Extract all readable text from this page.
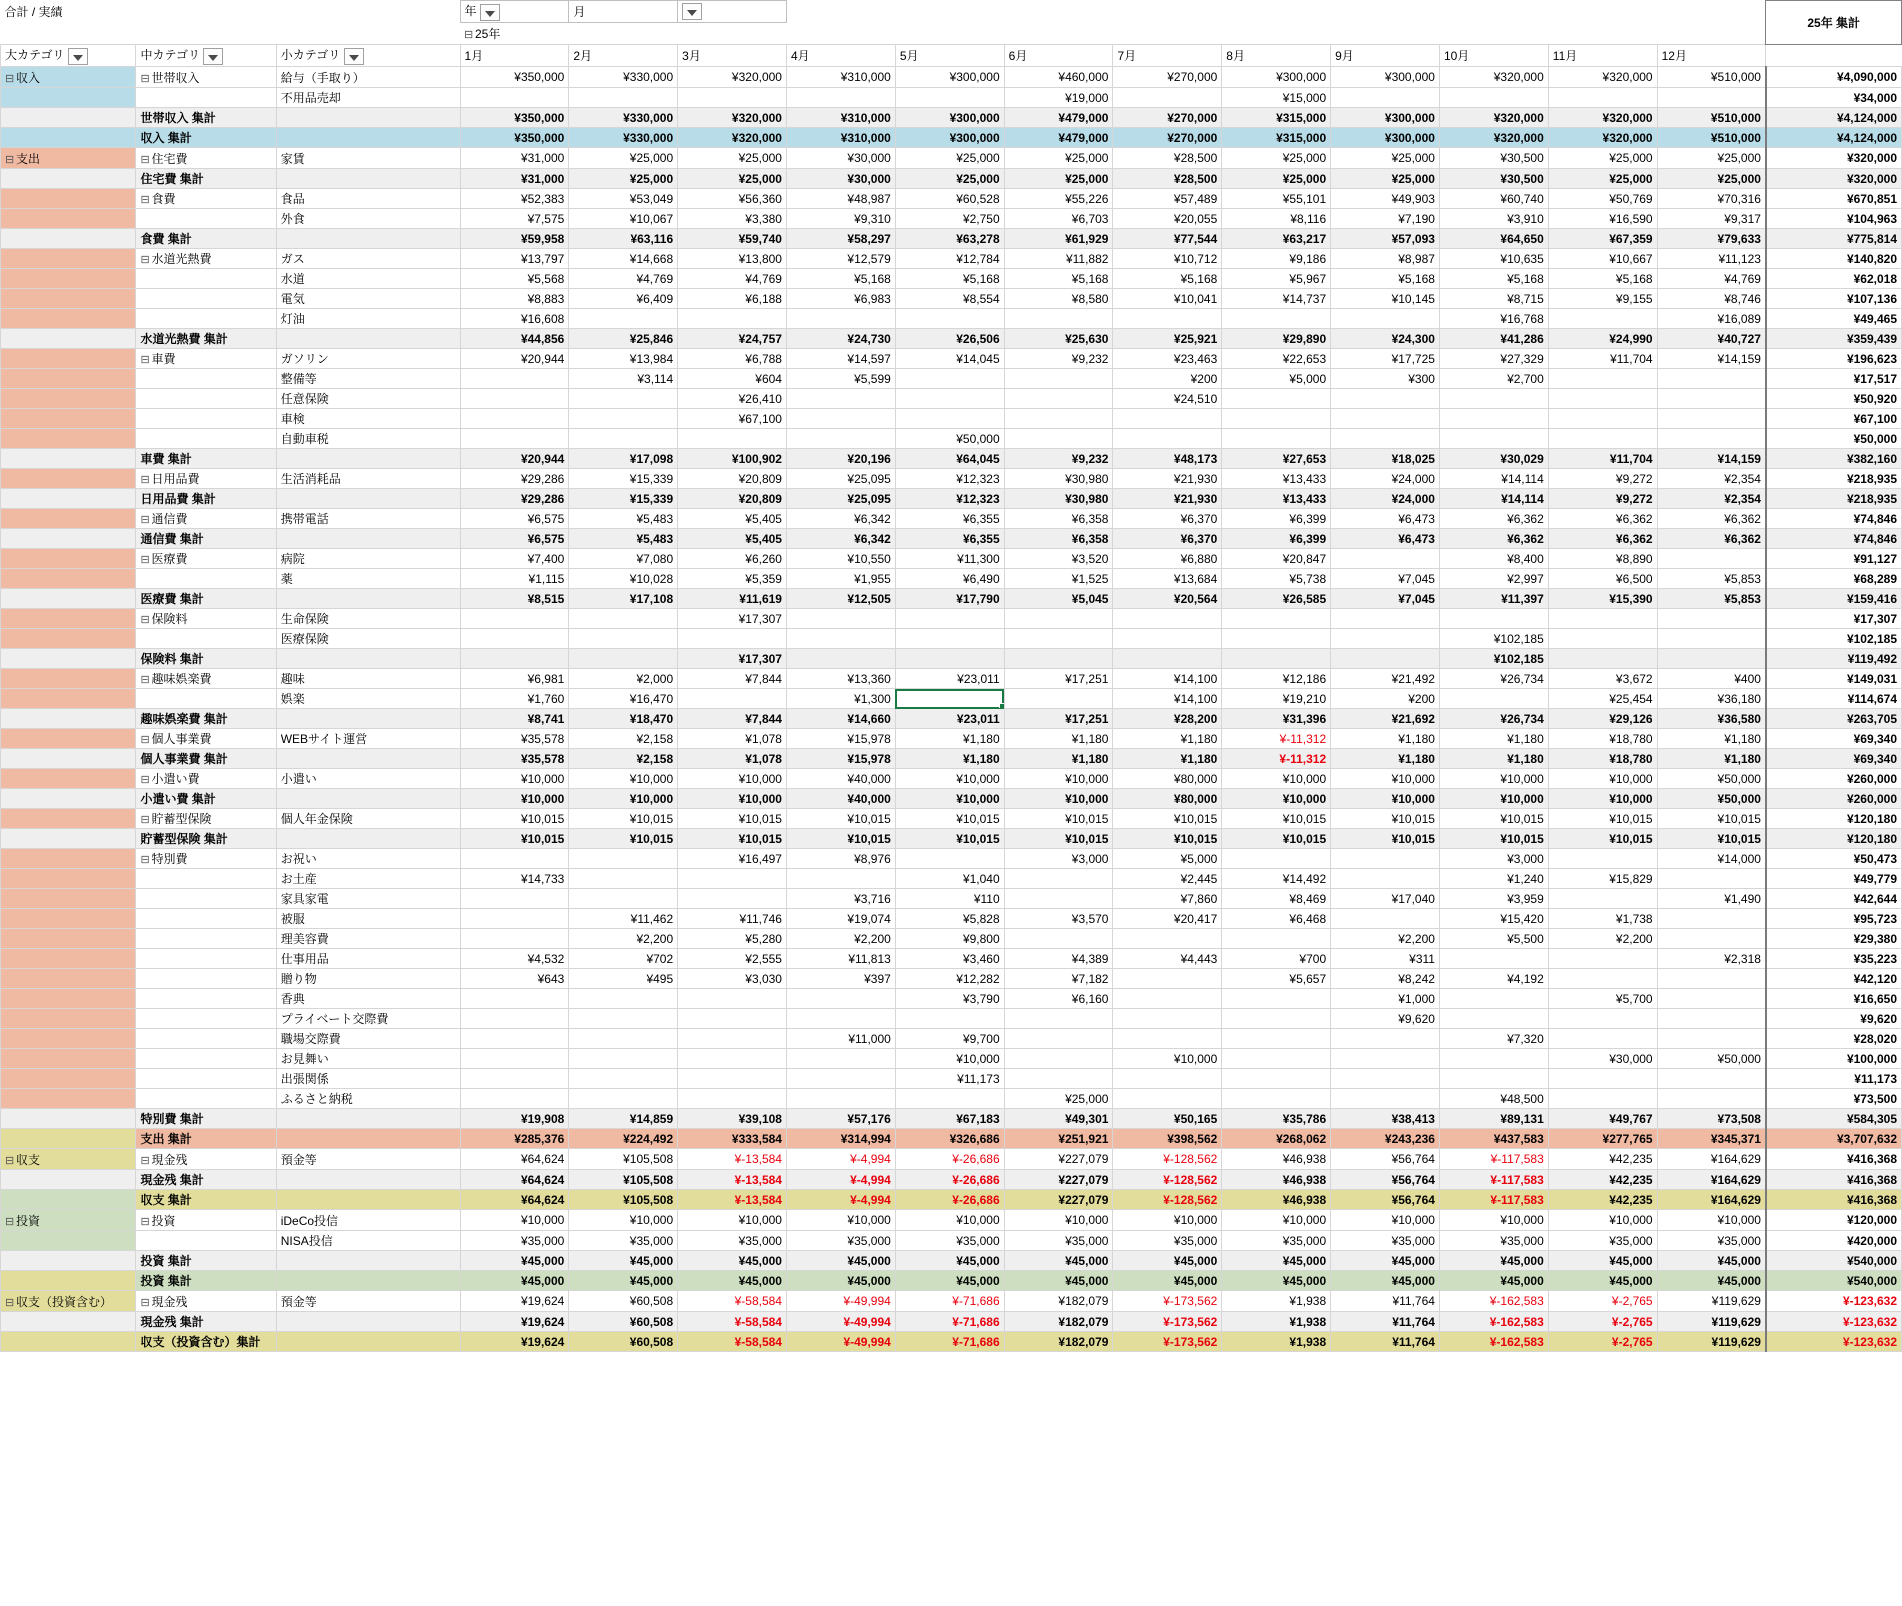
合計 / 実績			年	月											25年 集計
	⊟25年
大カテゴリ	中カテゴリ	小カテゴリ	1月	2月	3月	4月	5月	6月	7月	8月	9月	10月	11月	12月	
⊟収入	⊟世帯収入	給与（手取り）	¥350,000	¥330,000	¥320,000	¥310,000	¥300,000	¥460,000	¥270,000	¥300,000	¥300,000	¥320,000	¥320,000	¥510,000	¥4,090,000
		不用品売却						¥19,000		¥15,000					¥34,000
	世帯収入 集計		¥350,000	¥330,000	¥320,000	¥310,000	¥300,000	¥479,000	¥270,000	¥315,000	¥300,000	¥320,000	¥320,000	¥510,000	¥4,124,000
	収入 集計		¥350,000	¥330,000	¥320,000	¥310,000	¥300,000	¥479,000	¥270,000	¥315,000	¥300,000	¥320,000	¥320,000	¥510,000	¥4,124,000
⊟支出	⊟住宅費	家賃	¥31,000	¥25,000	¥25,000	¥30,000	¥25,000	¥25,000	¥28,500	¥25,000	¥25,000	¥30,500	¥25,000	¥25,000	¥320,000
	住宅費 集計		¥31,000	¥25,000	¥25,000	¥30,000	¥25,000	¥25,000	¥28,500	¥25,000	¥25,000	¥30,500	¥25,000	¥25,000	¥320,000
	⊟食費	食品	¥52,383	¥53,049	¥56,360	¥48,987	¥60,528	¥55,226	¥57,489	¥55,101	¥49,903	¥60,740	¥50,769	¥70,316	¥670,851
		外食	¥7,575	¥10,067	¥3,380	¥9,310	¥2,750	¥6,703	¥20,055	¥8,116	¥7,190	¥3,910	¥16,590	¥9,317	¥104,963
	食費 集計		¥59,958	¥63,116	¥59,740	¥58,297	¥63,278	¥61,929	¥77,544	¥63,217	¥57,093	¥64,650	¥67,359	¥79,633	¥775,814
	⊟水道光熱費	ガス	¥13,797	¥14,668	¥13,800	¥12,579	¥12,784	¥11,882	¥10,712	¥9,186	¥8,987	¥10,635	¥10,667	¥11,123	¥140,820
		水道	¥5,568	¥4,769	¥4,769	¥5,168	¥5,168	¥5,168	¥5,168	¥5,967	¥5,168	¥5,168	¥5,168	¥4,769	¥62,018
		電気	¥8,883	¥6,409	¥6,188	¥6,983	¥8,554	¥8,580	¥10,041	¥14,737	¥10,145	¥8,715	¥9,155	¥8,746	¥107,136
		灯油	¥16,608									¥16,768		¥16,089	¥49,465
	水道光熱費 集計		¥44,856	¥25,846	¥24,757	¥24,730	¥26,506	¥25,630	¥25,921	¥29,890	¥24,300	¥41,286	¥24,990	¥40,727	¥359,439
	⊟車費	ガソリン	¥20,944	¥13,984	¥6,788	¥14,597	¥14,045	¥9,232	¥23,463	¥22,653	¥17,725	¥27,329	¥11,704	¥14,159	¥196,623
		整備等		¥3,114	¥604	¥5,599			¥200	¥5,000	¥300	¥2,700			¥17,517
		任意保険			¥26,410				¥24,510						¥50,920
		車検			¥67,100										¥67,100
		自動車税					¥50,000								¥50,000
	車費 集計		¥20,944	¥17,098	¥100,902	¥20,196	¥64,045	¥9,232	¥48,173	¥27,653	¥18,025	¥30,029	¥11,704	¥14,159	¥382,160
	⊟日用品費	生活消耗品	¥29,286	¥15,339	¥20,809	¥25,095	¥12,323	¥30,980	¥21,930	¥13,433	¥24,000	¥14,114	¥9,272	¥2,354	¥218,935
	日用品費 集計		¥29,286	¥15,339	¥20,809	¥25,095	¥12,323	¥30,980	¥21,930	¥13,433	¥24,000	¥14,114	¥9,272	¥2,354	¥218,935
	⊟通信費	携帯電話	¥6,575	¥5,483	¥5,405	¥6,342	¥6,355	¥6,358	¥6,370	¥6,399	¥6,473	¥6,362	¥6,362	¥6,362	¥74,846
	通信費 集計		¥6,575	¥5,483	¥5,405	¥6,342	¥6,355	¥6,358	¥6,370	¥6,399	¥6,473	¥6,362	¥6,362	¥6,362	¥74,846
	⊟医療費	病院	¥7,400	¥7,080	¥6,260	¥10,550	¥11,300	¥3,520	¥6,880	¥20,847		¥8,400	¥8,890		¥91,127
		薬	¥1,115	¥10,028	¥5,359	¥1,955	¥6,490	¥1,525	¥13,684	¥5,738	¥7,045	¥2,997	¥6,500	¥5,853	¥68,289
	医療費 集計		¥8,515	¥17,108	¥11,619	¥12,505	¥17,790	¥5,045	¥20,564	¥26,585	¥7,045	¥11,397	¥15,390	¥5,853	¥159,416
	⊟保険料	生命保険			¥17,307										¥17,307
		医療保険										¥102,185			¥102,185
	保険料 集計				¥17,307							¥102,185			¥119,492
	⊟趣味娯楽費	趣味	¥6,981	¥2,000	¥7,844	¥13,360	¥23,011	¥17,251	¥14,100	¥12,186	¥21,492	¥26,734	¥3,672	¥400	¥149,031
		娯楽	¥1,760	¥16,470		¥1,300			¥14,100	¥19,210	¥200		¥25,454	¥36,180	¥114,674
	趣味娯楽費 集計		¥8,741	¥18,470	¥7,844	¥14,660	¥23,011	¥17,251	¥28,200	¥31,396	¥21,692	¥26,734	¥29,126	¥36,580	¥263,705
	⊟個人事業費	WEBサイト運営	¥35,578	¥2,158	¥1,078	¥15,978	¥1,180	¥1,180	¥1,180	¥-11,312	¥1,180	¥1,180	¥18,780	¥1,180	¥69,340
	個人事業費 集計		¥35,578	¥2,158	¥1,078	¥15,978	¥1,180	¥1,180	¥1,180	¥-11,312	¥1,180	¥1,180	¥18,780	¥1,180	¥69,340
	⊟小遣い費	小遣い	¥10,000	¥10,000	¥10,000	¥40,000	¥10,000	¥10,000	¥80,000	¥10,000	¥10,000	¥10,000	¥10,000	¥50,000	¥260,000
	小遣い費 集計		¥10,000	¥10,000	¥10,000	¥40,000	¥10,000	¥10,000	¥80,000	¥10,000	¥10,000	¥10,000	¥10,000	¥50,000	¥260,000
	⊟貯蓄型保険	個人年金保険	¥10,015	¥10,015	¥10,015	¥10,015	¥10,015	¥10,015	¥10,015	¥10,015	¥10,015	¥10,015	¥10,015	¥10,015	¥120,180
	貯蓄型保険 集計		¥10,015	¥10,015	¥10,015	¥10,015	¥10,015	¥10,015	¥10,015	¥10,015	¥10,015	¥10,015	¥10,015	¥10,015	¥120,180
	⊟特別費	お祝い			¥16,497	¥8,976		¥3,000	¥5,000			¥3,000		¥14,000	¥50,473
		お土産	¥14,733				¥1,040		¥2,445	¥14,492		¥1,240	¥15,829		¥49,779
		家具家電				¥3,716	¥110		¥7,860	¥8,469	¥17,040	¥3,959		¥1,490	¥42,644
		被服		¥11,462	¥11,746	¥19,074	¥5,828	¥3,570	¥20,417	¥6,468		¥15,420	¥1,738		¥95,723
		理美容費		¥2,200	¥5,280	¥2,200	¥9,800				¥2,200	¥5,500	¥2,200		¥29,380
		仕事用品	¥4,532	¥702	¥2,555	¥11,813	¥3,460	¥4,389	¥4,443	¥700	¥311			¥2,318	¥35,223
		贈り物	¥643	¥495	¥3,030	¥397	¥12,282	¥7,182		¥5,657	¥8,242	¥4,192			¥42,120
		香典					¥3,790	¥6,160			¥1,000		¥5,700		¥16,650
		プライベート交際費									¥9,620				¥9,620
		職場交際費				¥11,000	¥9,700					¥7,320			¥28,020
		お見舞い					¥10,000		¥10,000				¥30,000	¥50,000	¥100,000
		出張関係					¥11,173								¥11,173
		ふるさと納税						¥25,000				¥48,500			¥73,500
	特別費 集計		¥19,908	¥14,859	¥39,108	¥57,176	¥67,183	¥49,301	¥50,165	¥35,786	¥38,413	¥89,131	¥49,767	¥73,508	¥584,305
	支出 集計		¥285,376	¥224,492	¥333,584	¥314,994	¥326,686	¥251,921	¥398,562	¥268,062	¥243,236	¥437,583	¥277,765	¥345,371	¥3,707,632
⊟収支	⊟現金残	預金等	¥64,624	¥105,508	¥-13,584	¥-4,994	¥-26,686	¥227,079	¥-128,562	¥46,938	¥56,764	¥-117,583	¥42,235	¥164,629	¥416,368
	現金残 集計		¥64,624	¥105,508	¥-13,584	¥-4,994	¥-26,686	¥227,079	¥-128,562	¥46,938	¥56,764	¥-117,583	¥42,235	¥164,629	¥416,368
	収支 集計		¥64,624	¥105,508	¥-13,584	¥-4,994	¥-26,686	¥227,079	¥-128,562	¥46,938	¥56,764	¥-117,583	¥42,235	¥164,629	¥416,368
⊟投資	⊟投資	iDeCo投信	¥10,000	¥10,000	¥10,000	¥10,000	¥10,000	¥10,000	¥10,000	¥10,000	¥10,000	¥10,000	¥10,000	¥10,000	¥120,000
		NISA投信	¥35,000	¥35,000	¥35,000	¥35,000	¥35,000	¥35,000	¥35,000	¥35,000	¥35,000	¥35,000	¥35,000	¥35,000	¥420,000
	投資 集計		¥45,000	¥45,000	¥45,000	¥45,000	¥45,000	¥45,000	¥45,000	¥45,000	¥45,000	¥45,000	¥45,000	¥45,000	¥540,000
	投資 集計		¥45,000	¥45,000	¥45,000	¥45,000	¥45,000	¥45,000	¥45,000	¥45,000	¥45,000	¥45,000	¥45,000	¥45,000	¥540,000
⊟収支（投資含む）	⊟現金残	預金等	¥19,624	¥60,508	¥-58,584	¥-49,994	¥-71,686	¥182,079	¥-173,562	¥1,938	¥11,764	¥-162,583	¥-2,765	¥119,629	¥-123,632
	現金残 集計		¥19,624	¥60,508	¥-58,584	¥-49,994	¥-71,686	¥182,079	¥-173,562	¥1,938	¥11,764	¥-162,583	¥-2,765	¥119,629	¥-123,632
	収支（投資含む）集計		¥19,624	¥60,508	¥-58,584	¥-49,994	¥-71,686	¥182,079	¥-173,562	¥1,938	¥11,764	¥-162,583	¥-2,765	¥119,629	¥-123,632
